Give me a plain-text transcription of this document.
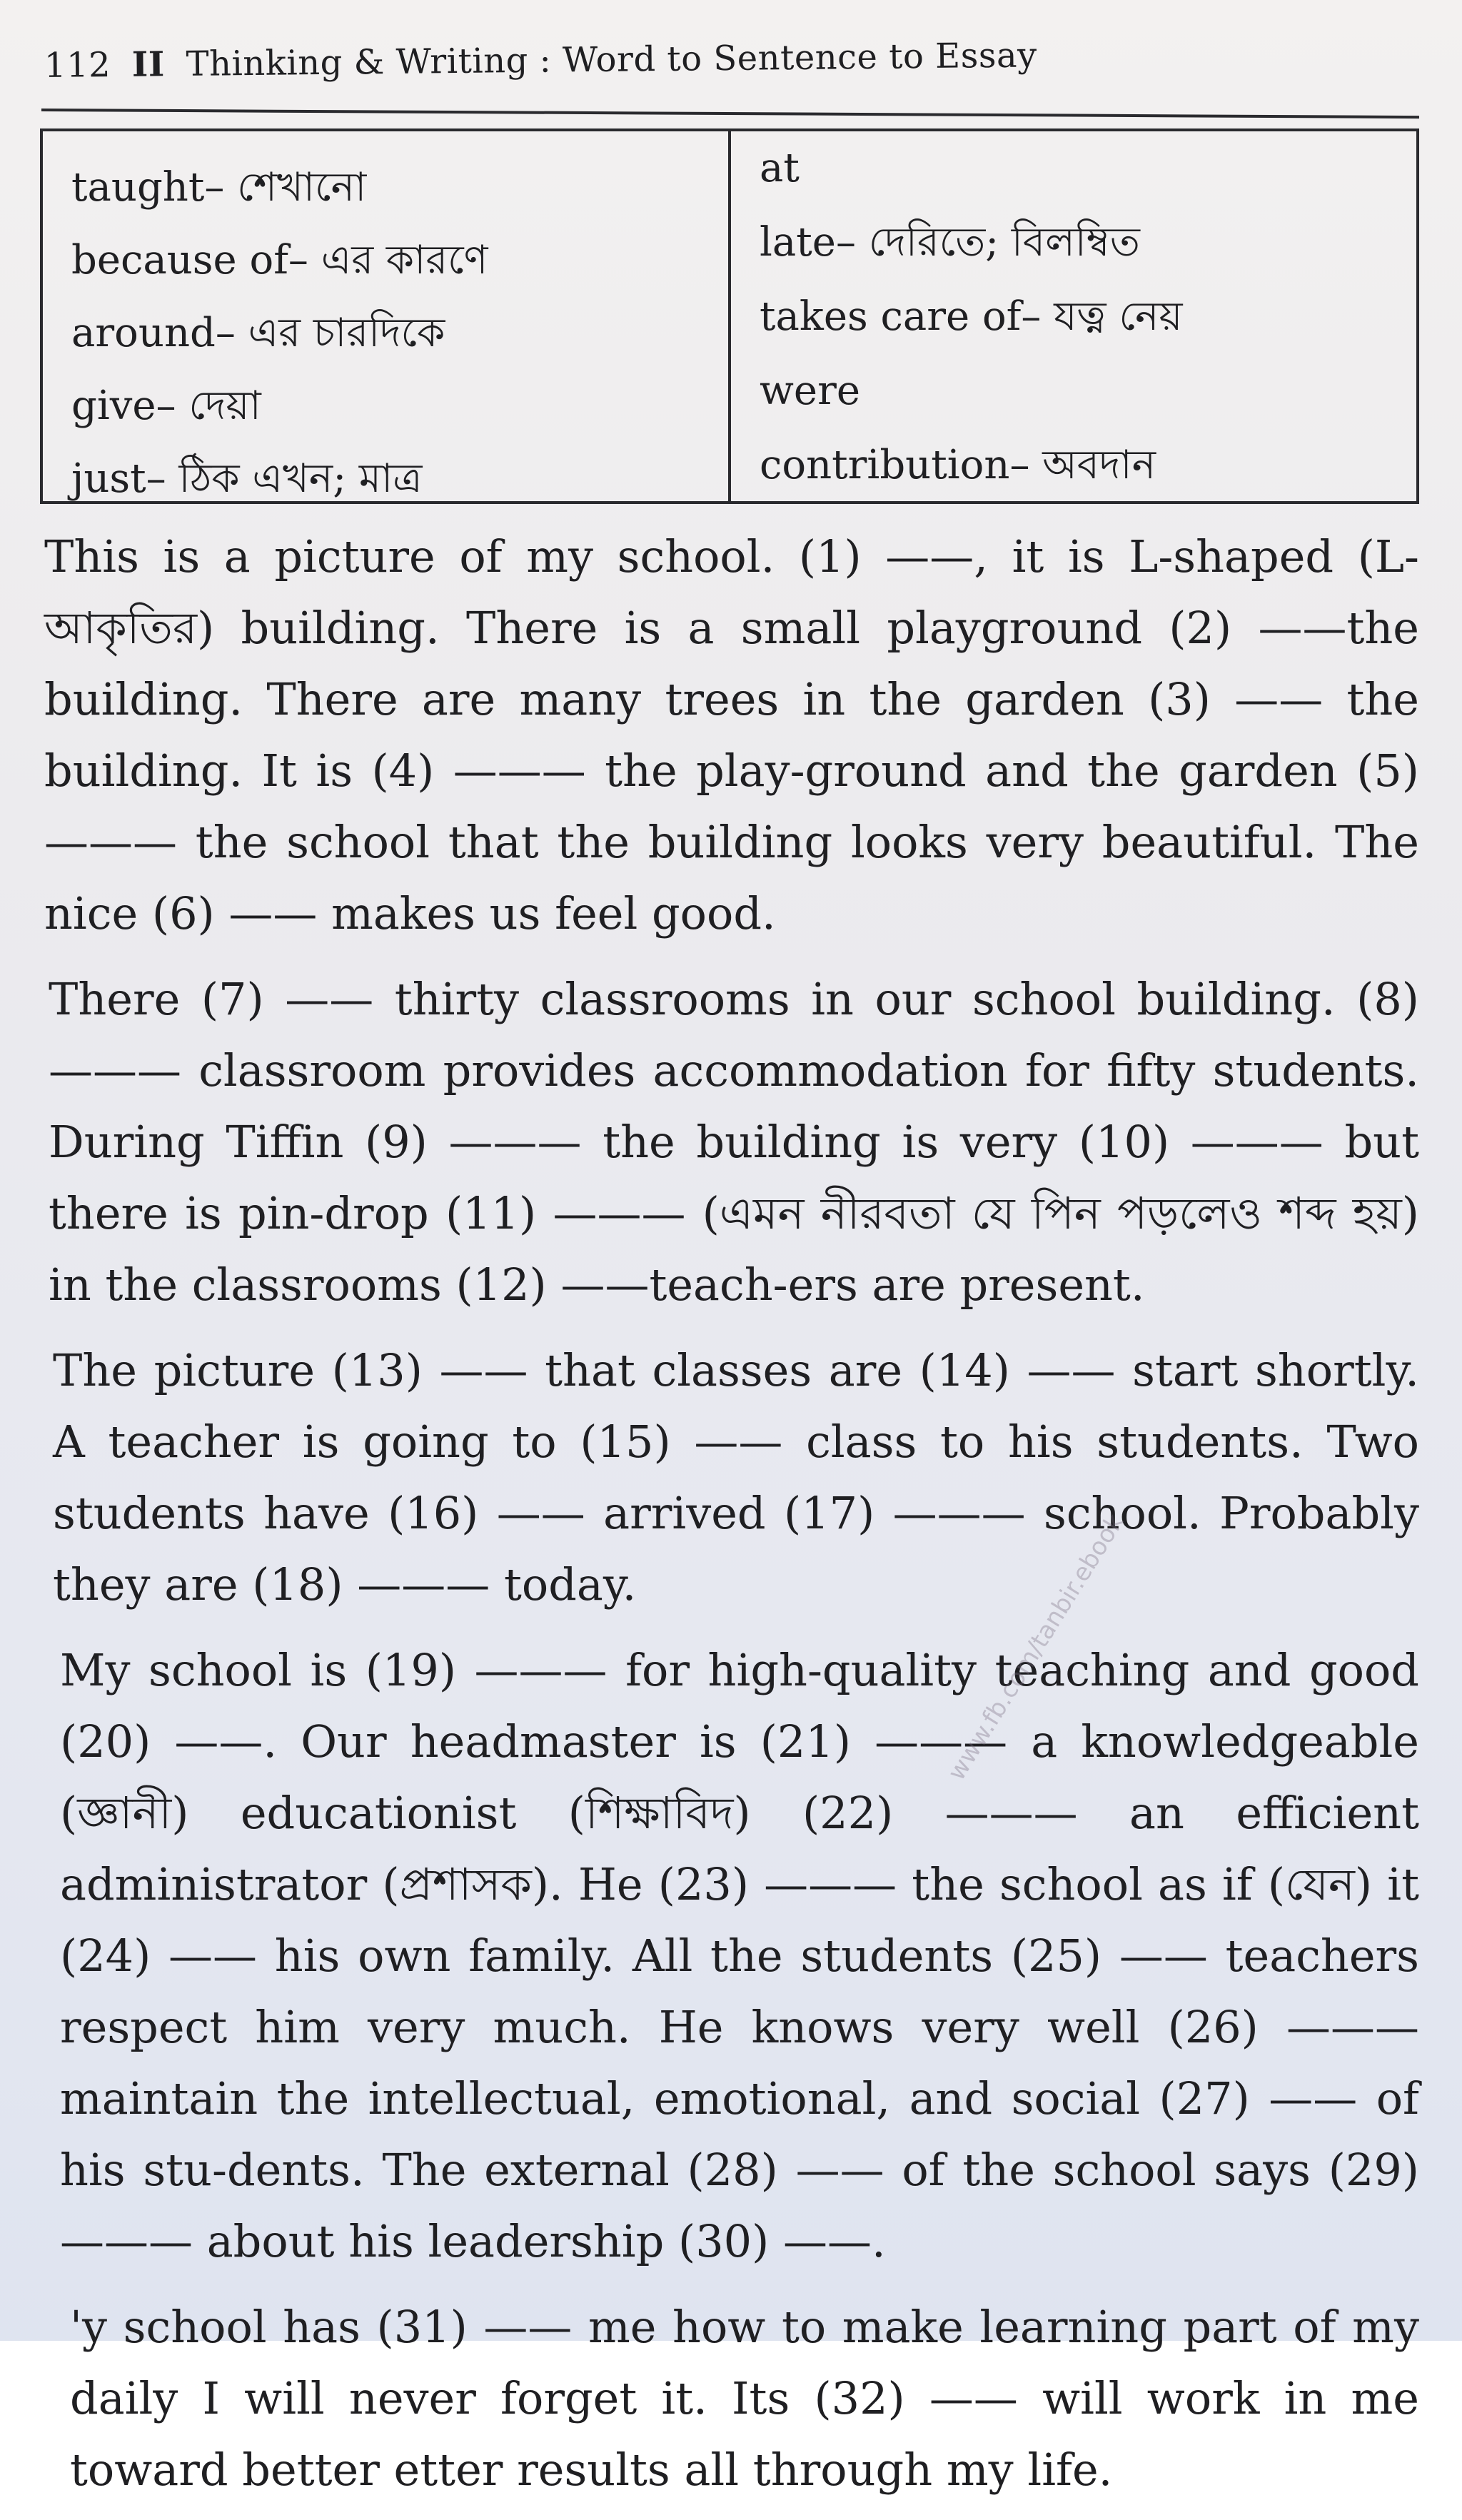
112 II Thinking & Writing : Word to Sentence to Essay
taught– শেখানো
because of– এর কারণে
around– এর চারদিকে
give– দেয়া
just– ঠিক এখন; মাত্র
at
late– দেরিতে; বিলম্বিত
takes care of– যত্ন নেয়
were
contribution– অবদান

This is a picture of my school. (1) ——, it is L-shaped (L-আকৃতির) building. There is a small playground (2) ——the building. There are many trees in the garden (3) —— the building. It is (4) ——— the play-ground and the garden (5) ——— the school that the building looks very beautiful. The nice (6) —— makes us feel good.

There (7) —— thirty classrooms in our school building. (8) ——— classroom provides accommodation for fifty students. During Tiffin (9) ——— the building is very (10) ——— but there is pin-drop (11) ——— (এমন নীরবতা যে পিন পড়লেও শব্দ হয়) in the classrooms (12) ——teach-ers are present.

The picture (13) —— that classes are (14) —— start shortly. A teacher is going to (15) —— class to his students. Two students have (16) —— arrived (17) ——— school. Probably they are (18) ——— today.

My school is (19) ——— for high-quality teaching and good (20) ——. Our headmaster is (21) ——— a knowledgeable (জ্ঞানী) educationist (শিক্ষাবিদ) (22) ——— an efficient administrator (প্রশাসক). He (23) ——— the school as if (যেন) it (24) —— his own family. All the students (25) —— teachers respect him very much. He knows very well (26) ——— maintain the intellectual, emotional, and social (27) —— of his stu-dents. The external (28) —— of the school says (29) ——— about his leadership (30) ——.

'y school has (31) —— me how to make learning part of my daily I will never forget it. Its (32) —— will work in me toward better etter results all through my life.

www.fb.com/tanbir.ebook
